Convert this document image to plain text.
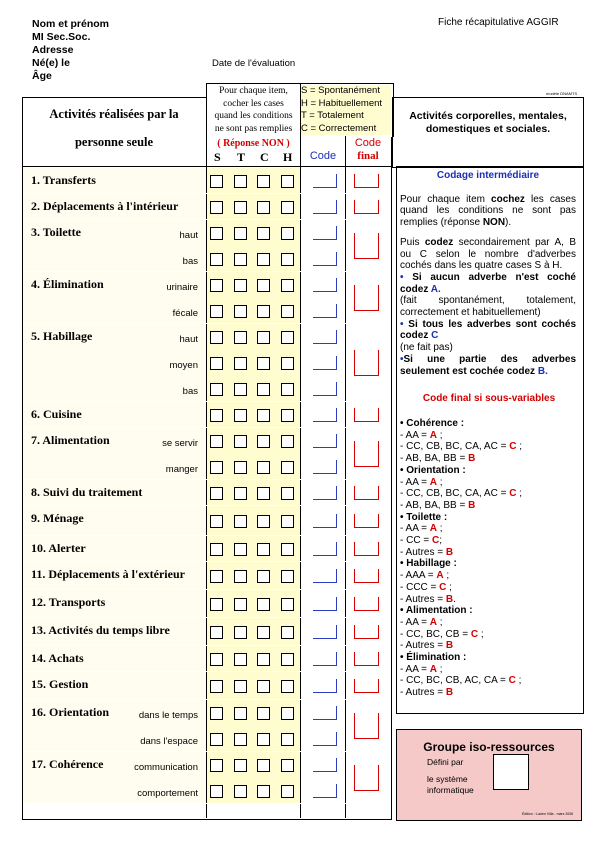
Nom et prénom
MI Sec.Soc.
Adresse
Né(e) le
Âge
Fiche récapitulative AGGIR
Date de l'évaluation
modèle DNAMTS
Activités réalisées par la
personne seule
Pour chaque item,
cocher les cases
quand les conditions
ne sont pas remplies
S = Spontanément
H = Habituellement
T = Totalement
C = Correctement
( Réponse NON )
S T C H	Code
Code
final
Activités corporelles, mentales, domestiques et sociales.
1. Transferts
2. Déplacements à l'intérieur
3. Toilette	haut
bas
4. Élimination	urinaire
fécale
5. Habillage	haut
moyen
bas
6. Cuisine
7. Alimentation	se servir
manger
8. Suivi du traitement
9. Ménage
10. Alerter
11. Déplacements à l'extérieur
12. Transports
13. Activités du temps libre
14. Achats
15. Gestion
16. Orientation	dans le temps
dans l'espace
17. Cohérence	communication
comportement
Codage intermédiaire
Pour chaque item cochez les cases quand les conditions ne sont pas remplies (réponse NON).
Puis codez secondairement par A, B ou C selon le nombre d'adverbes cochés dans les quatre cases S à H.
• Si aucun adverbe n'est coché codez A.
(fait spontanément, totalement, correctement et habituellement)
• Si tous les adverbes sont cochés codez C
(ne fait pas)
•Si une partie des adverbes seulement est cochée codez B.
Code final si sous-variables
• Cohérence :
- AA = A ;
- CC, CB, BC, CA, AC = C ;
- AB, BA, BB = B
• Orientation :
- AA = A ;
- CC, CB, BC, CA, AC = C ;
- AB, BA, BB = B
• Toilette :
- AA = A ;
- CC = C;
- Autres = B
• Habillage :
- AAA = A ;
- CCC = C ;
- Autres = B.
• Alimentation :
- AA = A ;
- CC, BC, CB = C ;
- Autres = B
• Élimination :
- AA = A ;
- CC, BC, CB, AC, CA = C ;
- Autres = B
Groupe iso-ressources
Défini par
le système
informatique
Édition : Lucien Villa - mars 2006
